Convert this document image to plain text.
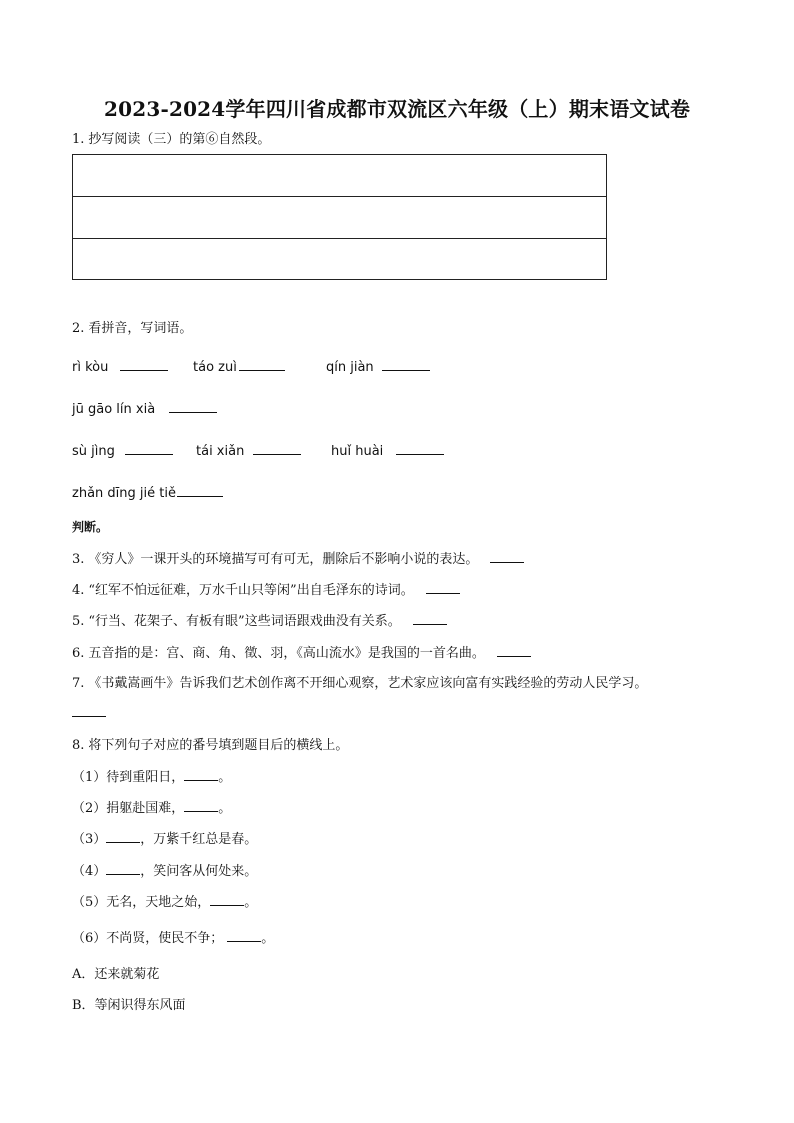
2023-2024学年四川省成都市双流区六年级（上）期末语文试卷
1. 抄写阅读（三）的第⑥自然段。
2. 看拼音，写词语。
rì kòu	táo zuì	qín jiàn
jū gāo lín xià
sù jìng	tái xiǎn	huǐ huài
zhǎn dīng jié tiě
判断。
3. 《穷人》一课开头的环境描写可有可无，删除后不影响小说的表达。
4. “红军不怕远征难，万水千山只等闲”出自毛泽东的诗词。
5. “行当、花架子、有板有眼”这些词语跟戏曲没有关系。
6. 五音指的是：宫、商、角、徵、羽，《高山流水》是我国的一首名曲。
7. 《书戴嵩画牛》告诉我们艺术创作离不开细心观察，艺术家应该向富有实践经验的劳动人民学习。
8. 将下列句子对应的番号填到题目后的横线上。
（1）待到重阳日，	。
（2）捐躯赴国难，	。
（3）	，万紫千红总是春。
（4）	，笑问客从何处来。
（5）无名，天地之始，	。
（6）不尚贤，使民不争；	。
A．还来就菊花
B．等闲识得东风面
